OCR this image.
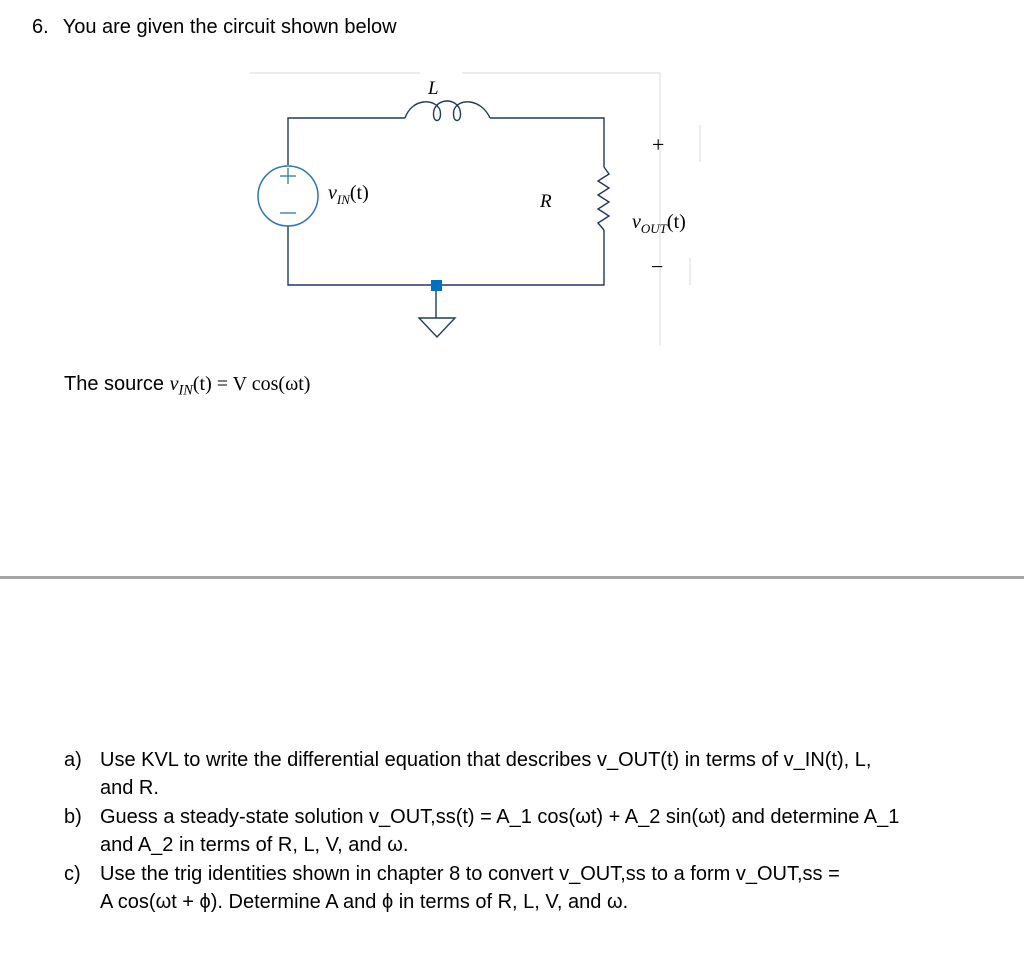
6. You are given the circuit shown below
L
R
$v_{IN}(t)$
+
$v_{OUT}(t)$
−
The source $v_{IN}(t) = V$ cos(ωt)
a) Use KVL to write the differential equation that describes v_OUT(t) in terms of v_IN(t), L,
and R.
b) Guess a steady-state solution v_OUT,ss(t) = A_1 cos(ωt) + A_2 sin(ωt) and determine A_1
and A_2 in terms of R, L, V, and ω.
c) Use the trig identities shown in chapter 8 to convert v_OUT,ss to a form v_OUT,ss =
A cos(ωt + ϕ). Determine A and ϕ in terms of R, L, V, and ω.
